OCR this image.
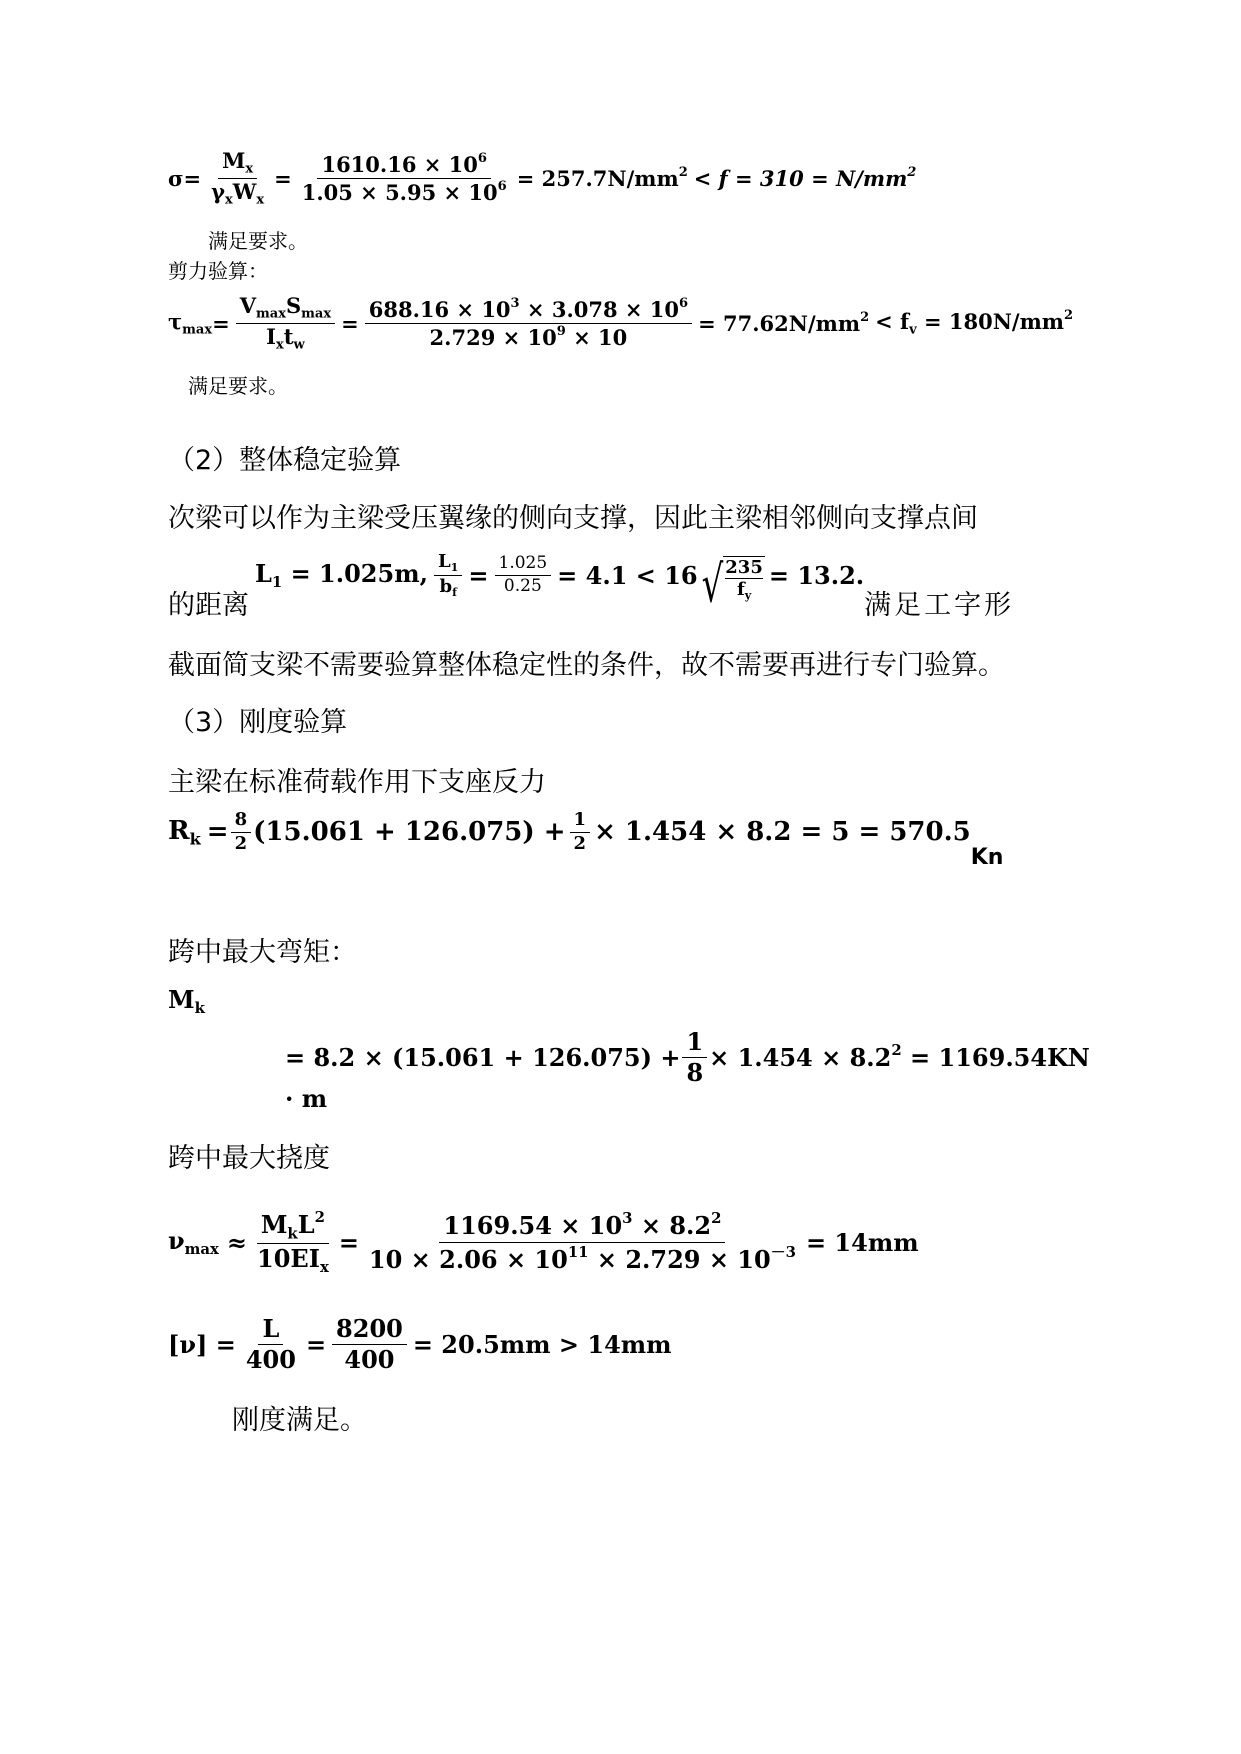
$\sigma = \frac{M_x}{\gamma_xW_x} = \frac{1610.16 \times 10^6}{1.05 \times 5.95 \times 10^6} = 257.7N/mm^2 < f = 310 = N/mm^2$
满足要求。
剪力验算：
$\tau_{max} = \frac{V_{max}S_{max}}{I_xt_w} = \frac{688.16 \times 10^3 \times 3.078 \times 10^6}{2.729 \times 10^9 \times 10} = 77.62N/mm^2 < f_v = 180N/mm^2$
满足要求。
（2）整体稳定验算
次梁可以作为主梁受压翼缘的侧向支撑，因此主梁相邻侧向支撑点间
的距离
$L_1 = 1.025m$, $\frac{L_1}{b_f} = \frac{1.025}{0.25} = 4.1 < 16$ √ 235
$f_y$
= 13.2.
满足工字形
截面简支梁不需要验算整体稳定性的条件，故不需要再进行专门验算。
（3）刚度验算
主梁在标准荷载作用下支座反力
$R_k = \frac{8}{2} (15.061 + 126.075) + \frac{1}{2} \times 1.454 \times 8.2 = 5 = 570.5$
Kn
跨中最大弯矩：
$M_k$
= $8.2 \times (15.061 + 126.075) + \frac{1}{8} \times 1.454 \times 8.2^2 = 1169.54KN$
· m
跨中最大挠度
$\nu_{max} \approx \frac{M_kL^2}{10EI_x} = \frac{1169.54 \times 10^3 \times 8.2^2}{10 \times 2.06 \times 10^{11} \times 2.729 \times 10^{-3}} = 14mm$
$[\nu] = \frac{L}{400} = \frac{8200}{400} = 20.5mm > 14mm$
刚度满足。
